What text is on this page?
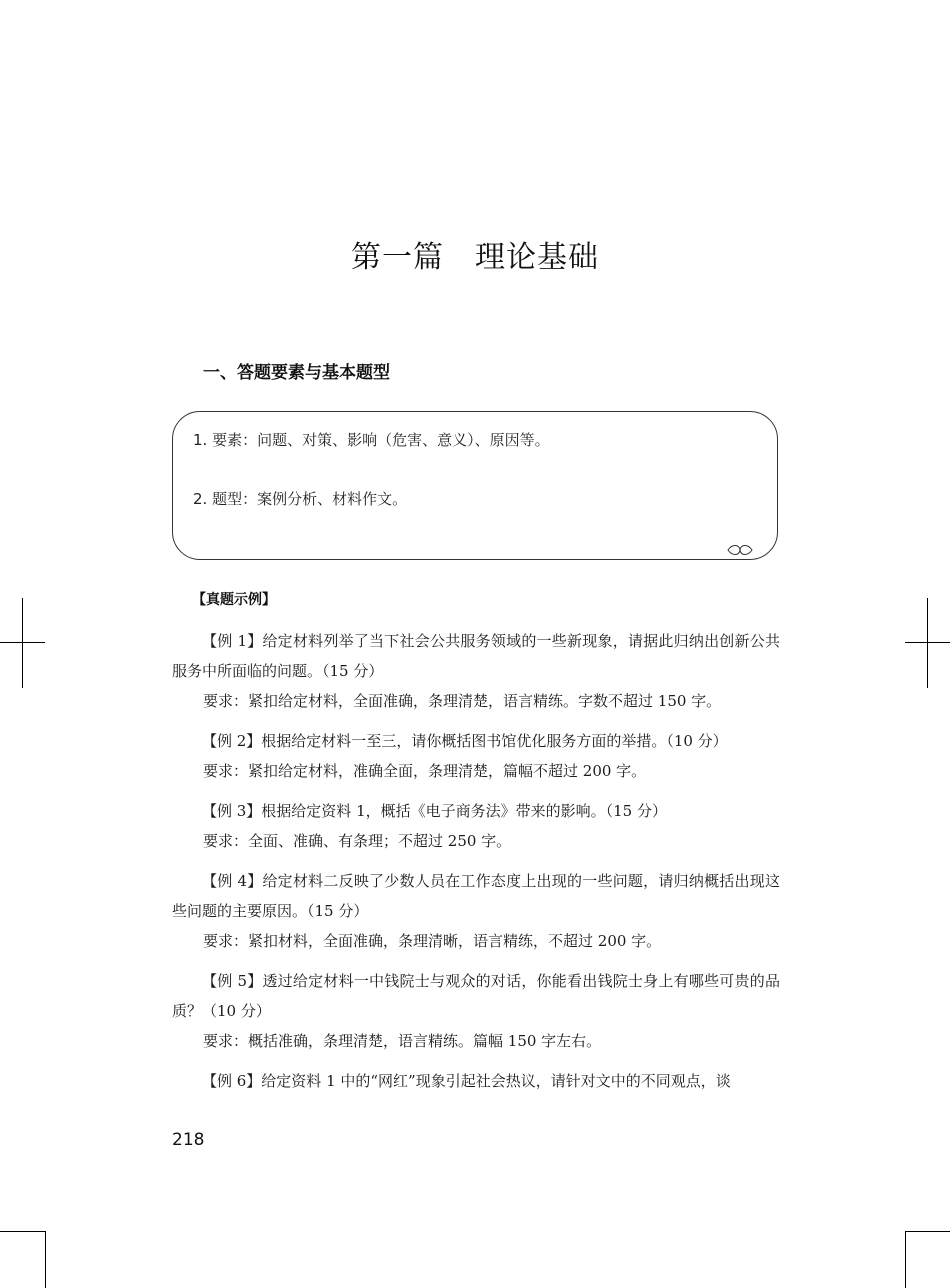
第一篇　理论基础
一、答题要素与基本题型
1. 要素：问题、对策、影响（危害、意义）、原因等。
2. 题型：案例分析、材料作文。
【真题示例】
【例 1】给定材料列举了当下社会公共服务领域的一些新现象，请据此归纳出创新公共服务中所面临的问题。（15 分）
要求：紧扣给定材料，全面准确，条理清楚，语言精练。字数不超过 150 字。
【例 2】根据给定材料一至三，请你概括图书馆优化服务方面的举措。（10 分）
要求：紧扣给定材料，准确全面，条理清楚，篇幅不超过 200 字。
【例 3】根据给定资料 1，概括《电子商务法》带来的影响。（15 分）
要求：全面、准确、有条理；不超过 250 字。
【例 4】给定材料二反映了少数人员在工作态度上出现的一些问题，请归纳概括出现这些问题的主要原因。（15 分）
要求：紧扣材料，全面准确，条理清晰，语言精练，不超过 200 字。
【例 5】透过给定材料一中钱院士与观众的对话，你能看出钱院士身上有哪些可贵的品质？（10 分）
要求：概括准确，条理清楚，语言精练。篇幅 150 字左右。
【例 6】给定资料 1 中的“网红”现象引起社会热议，请针对文中的不同观点，谈
218
